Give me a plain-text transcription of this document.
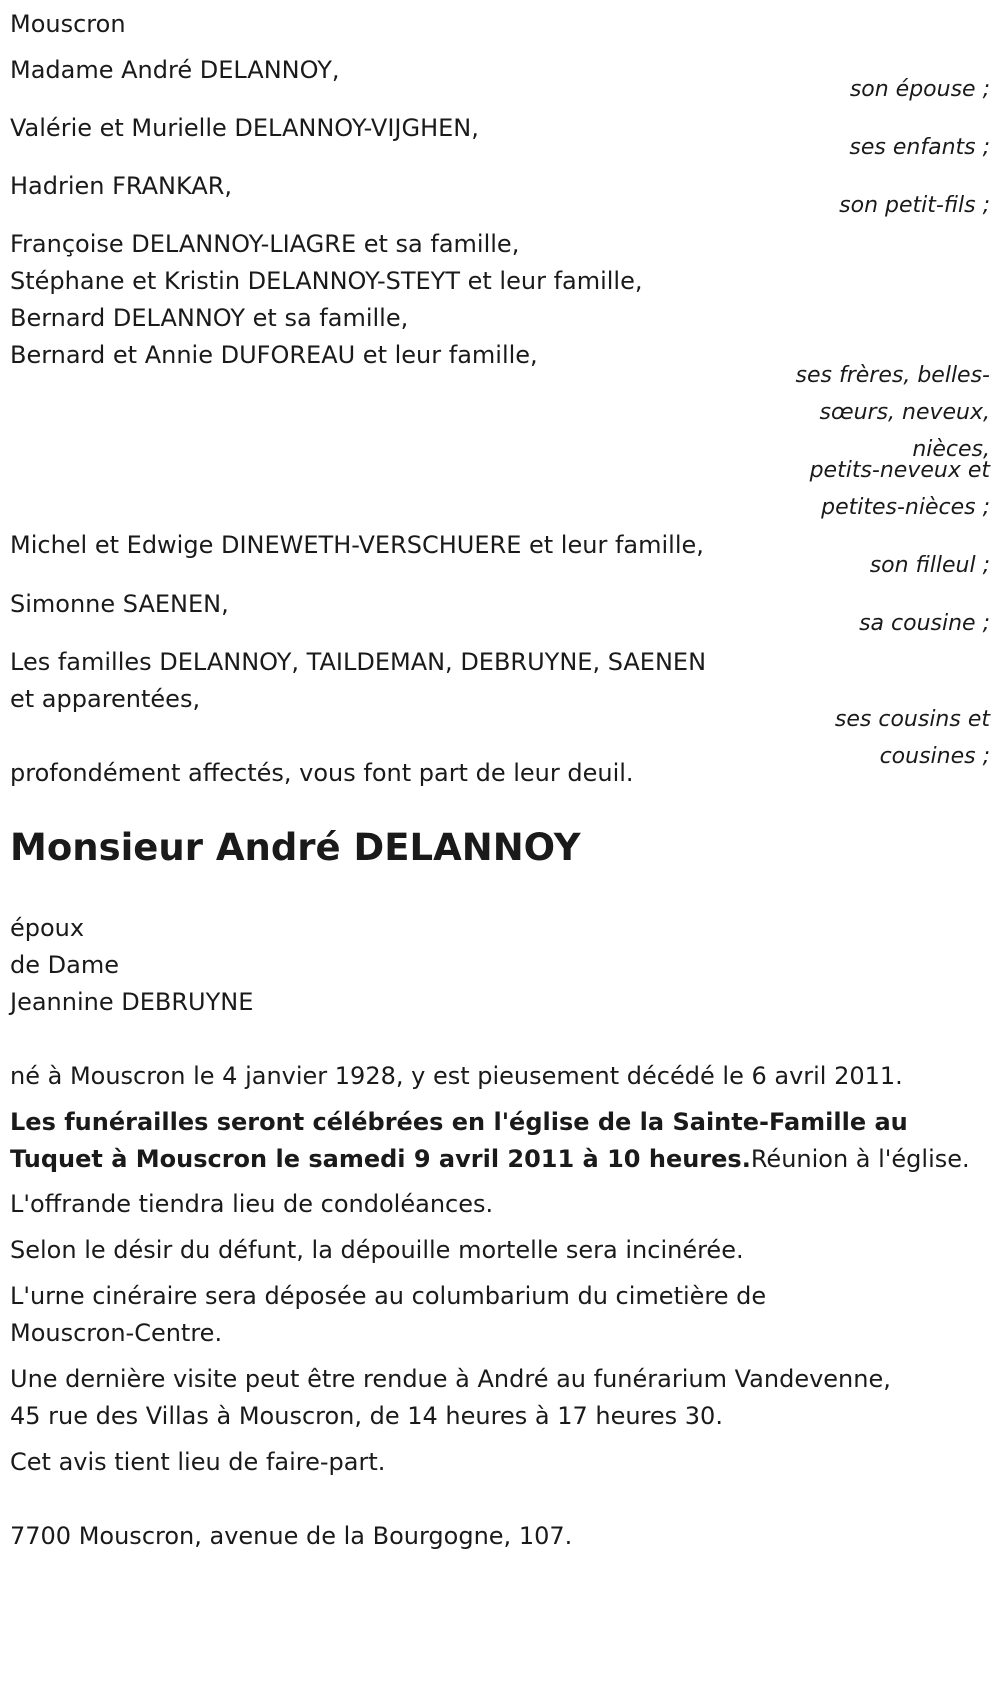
Mouscron
Madame André DELANNOY,
son épouse ;
Valérie et Murielle DELANNOY-VIJGHEN,
ses enfants ;
Hadrien FRANKAR,
son petit-fils ;
Françoise DELANNOY-LIAGRE et sa famille,
Stéphane et Kristin DELANNOY-STEYT et leur famille,
Bernard DELANNOY et sa famille,
Bernard et Annie DUFOREAU et leur famille,
ses frères, belles-
sœurs, neveux,
nièces,
petits-neveux et
petites-nièces ;
Michel et Edwige DINEWETH-VERSCHUERE et leur famille,
son filleul ;
Simonne SAENEN,
sa cousine ;
Les familles DELANNOY, TAILDEMAN, DEBRUYNE, SAENEN
et apparentées,
ses cousins et
cousines ;
profondément affectés, vous font part de leur deuil.
Monsieur André DELANNOY
époux
de Dame
Jeannine DEBRUYNE
né à Mouscron le 4 janvier 1928, y est pieusement décédé le 6 avril 2011.
Les funérailles seront célébrées en l'église de la Sainte-Famille au
Tuquet à Mouscron le samedi 9 avril 2011 à 10 heures.Réunion à l'église.
L'offrande tiendra lieu de condoléances.
Selon le désir du défunt, la dépouille mortelle sera incinérée.
L'urne cinéraire sera déposée au columbarium du cimetière de
Mouscron-Centre.
Une dernière visite peut être rendue à André au funérarium Vandevenne,
45 rue des Villas à Mouscron, de 14 heures à 17 heures 30.
Cet avis tient lieu de faire-part.
7700 Mouscron, avenue de la Bourgogne, 107.
